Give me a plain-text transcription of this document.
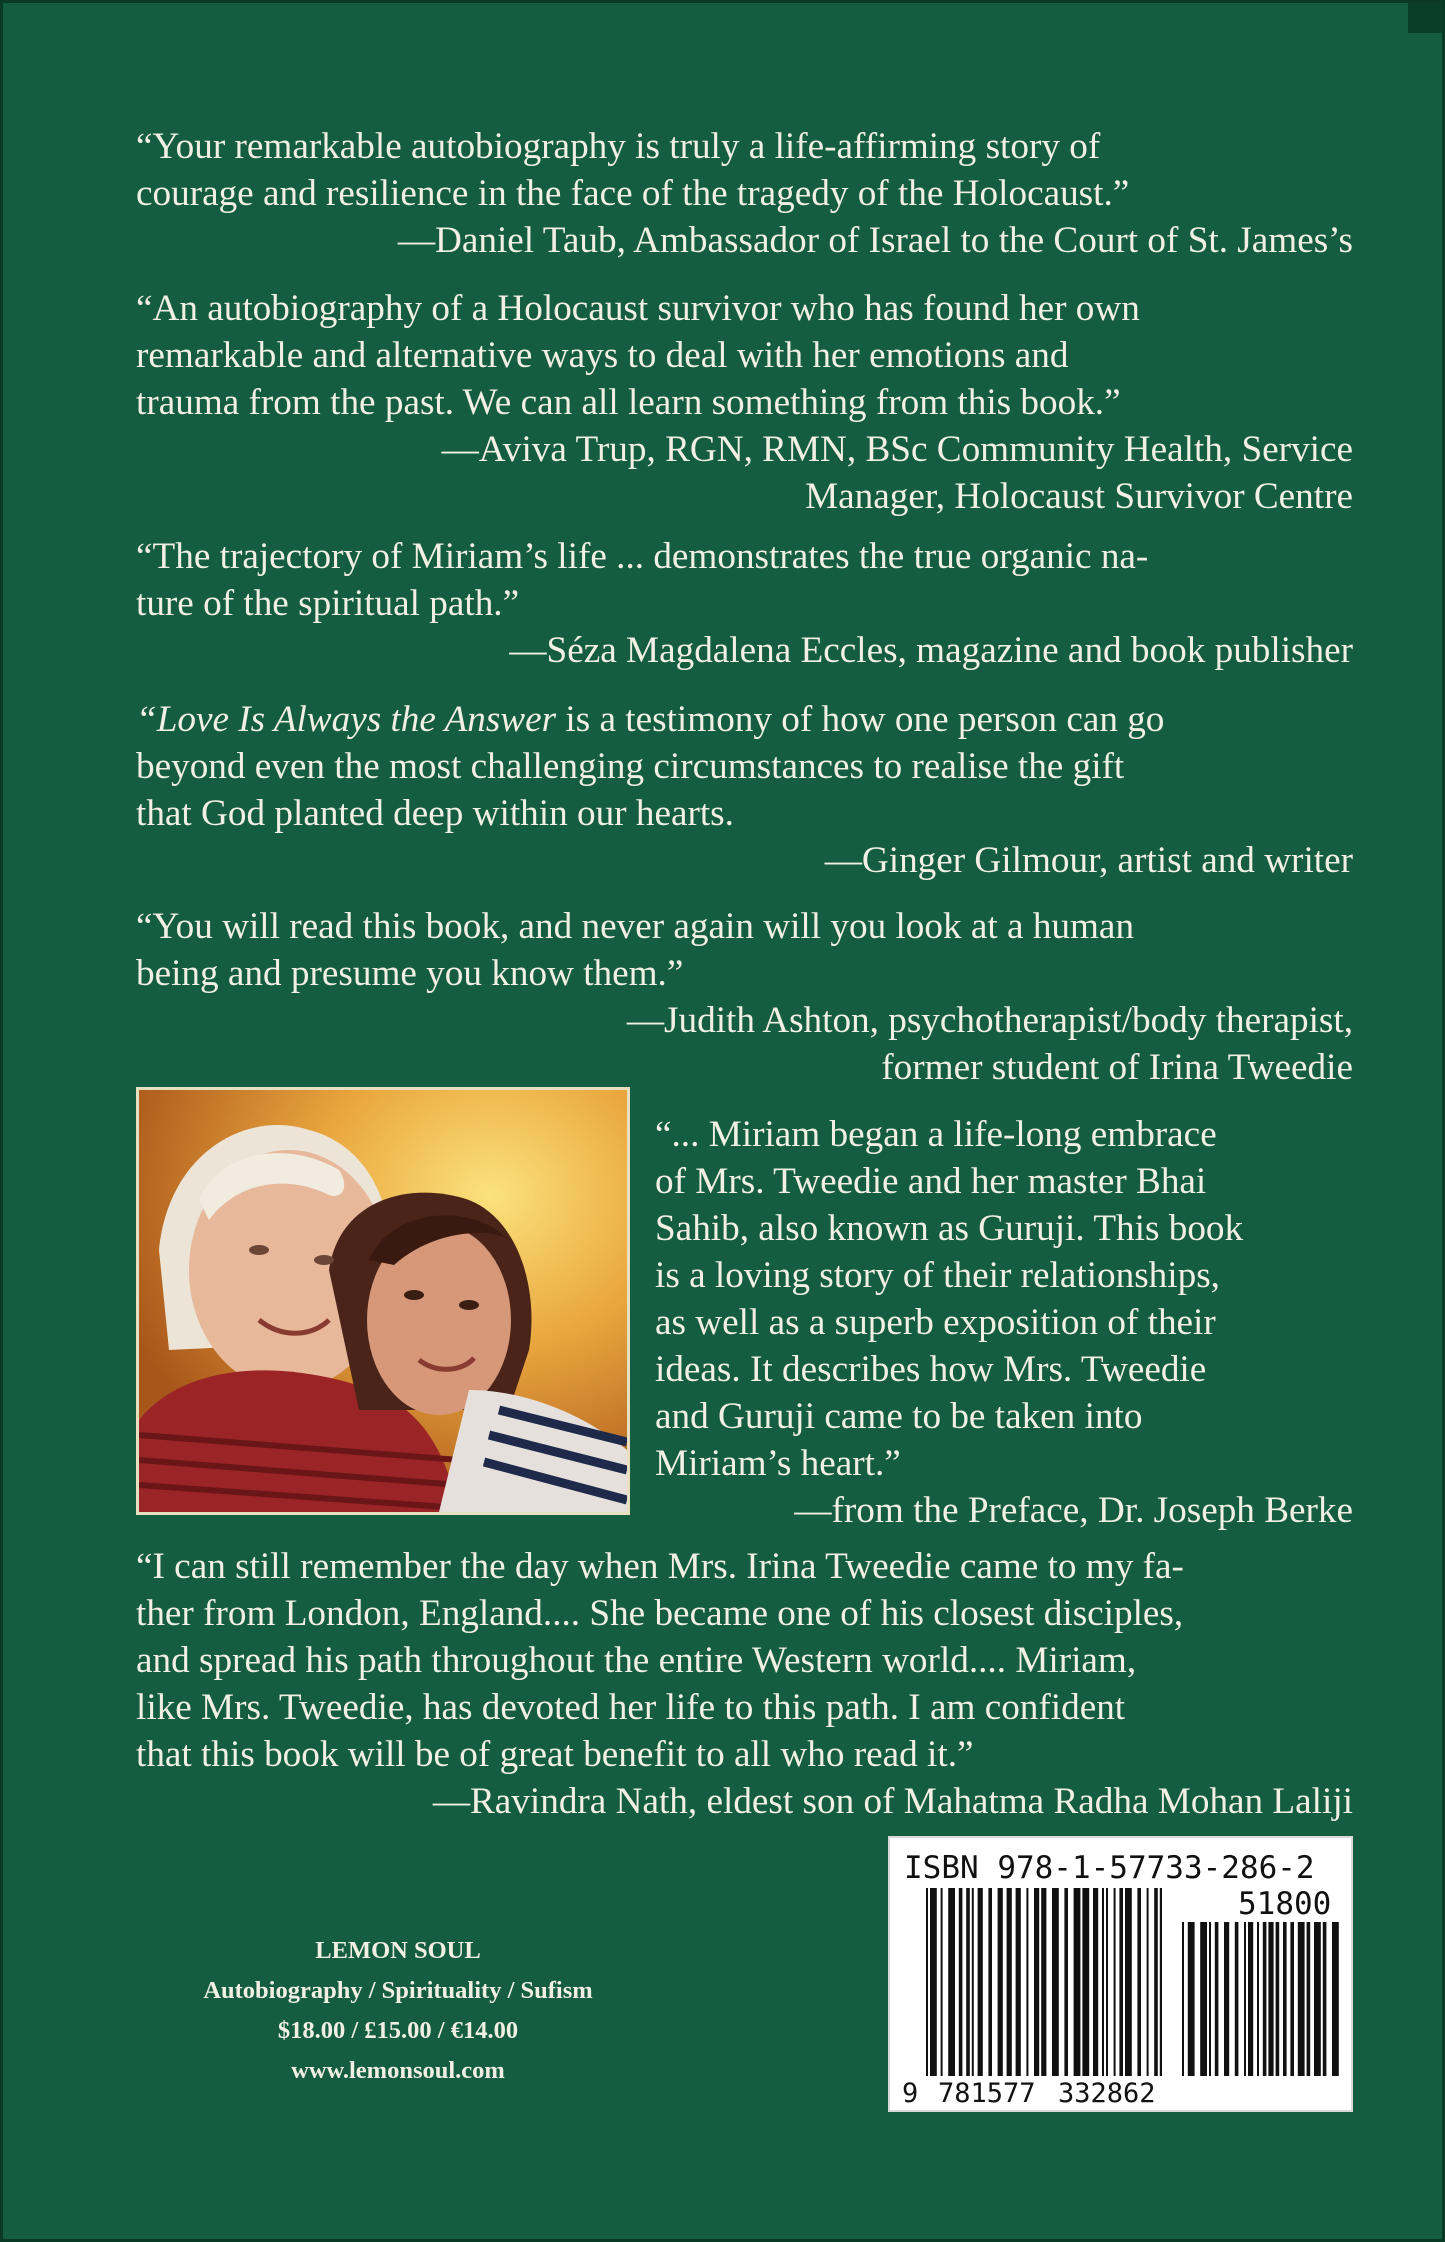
“Your remarkable autobiography is truly a life-affirming story of

courage and resilience in the face of the tragedy of the Holocaust.”

—Daniel Taub, Ambassador of Israel to the Court of St. James’s

“An autobiography of a Holocaust survivor who has found her own

remarkable and alternative ways to deal with her emotions and

trauma from the past. We can all learn something from this book.”

—Aviva Trup, RGN, RMN, BSc Community Health, Service

Manager, Holocaust Survivor Centre

“The trajectory of Miriam’s life ... demonstrates the true organic na-

ture of the spiritual path.”

—Séza Magdalena Eccles, magazine and book publisher

“Love Is Always the Answer is a testimony of how one person can go

beyond even the most challenging circumstances to realise the gift

that God planted deep within our hearts.

—Ginger Gilmour, artist and writer

“You will read this book, and never again will you look at a human

being and presume you know them.”

—Judith Ashton, psychotherapist/body therapist,

former student of Irina Tweedie

“... Miriam began a life-long embrace

of Mrs. Tweedie and her master Bhai

Sahib, also known as Guruji. This book

is a loving story of their relationships,

as well as a superb exposition of their

ideas. It describes how Mrs. Tweedie

and Guruji came to be taken into

Miriam’s heart.”

—from the Preface, Dr. Joseph Berke

“I can still remember the day when Mrs. Irina Tweedie came to my fa-

ther from London, England.... She became one of his closest disciples,

and spread his path throughout the entire Western world.... Miriam,

like Mrs. Tweedie, has devoted her life to this path. I am confident

that this book will be of great benefit to all who read it.”

—Ravindra Nath, eldest son of Mahatma Radha Mohan Laliji

LEMON SOUL
Autobiography / Spirituality / Sufism
$18.00 / £15.00 / €14.00
www.lemonsoul.com
ISBN 978-1-57733-286-2
51800
9 781577 332862
